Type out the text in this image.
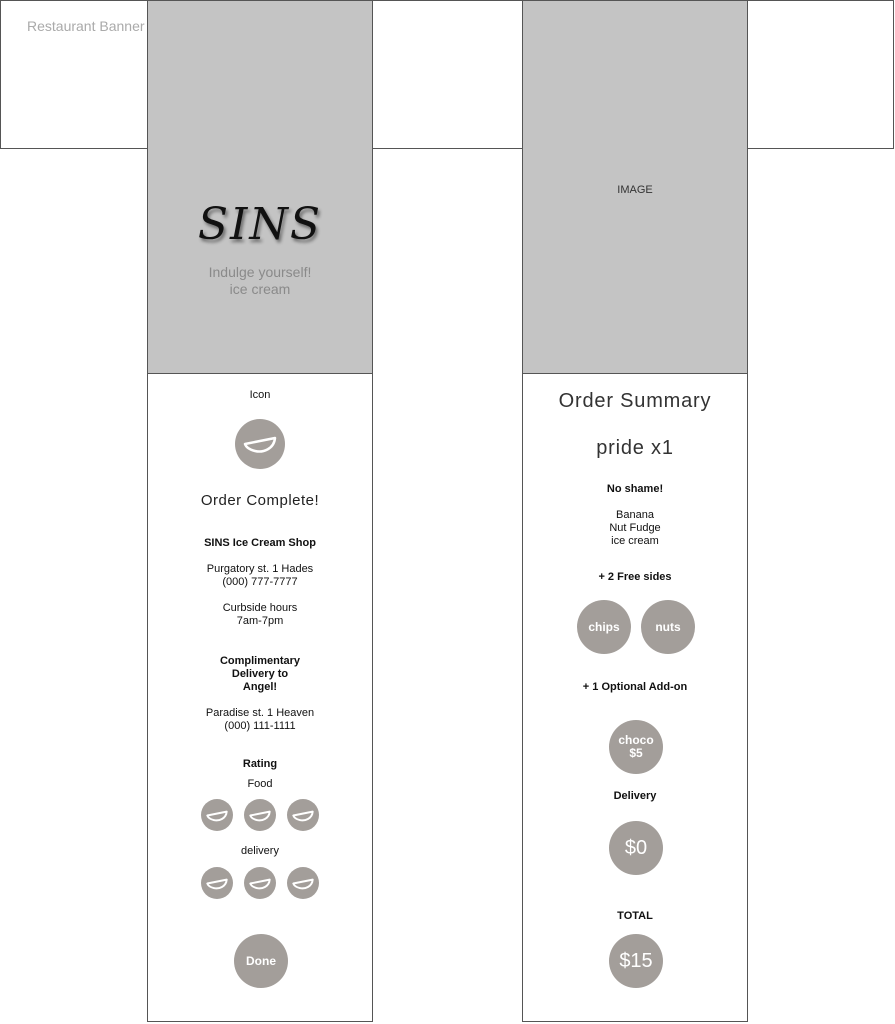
Restaurant Banner
SINS
Indulge yourself!
ice cream
Icon
Order Complete!
SINS Ice Cream Shop
Purgatory st. 1 Hades
(000) 777-7777
Curbside hours
7am-7pm
Complimentary
Delivery to
Angel!
Paradise st. 1 Heaven
(000) 111-1111
Rating
Food
delivery
Done
IMAGE
Order Summary
pride x1
No shame!
Banana
Nut Fudge
ice cream
+ 2 Free sides
chips	nuts
+ 1 Optional Add-on
choco
$5
Delivery
$0
TOTAL
$15
